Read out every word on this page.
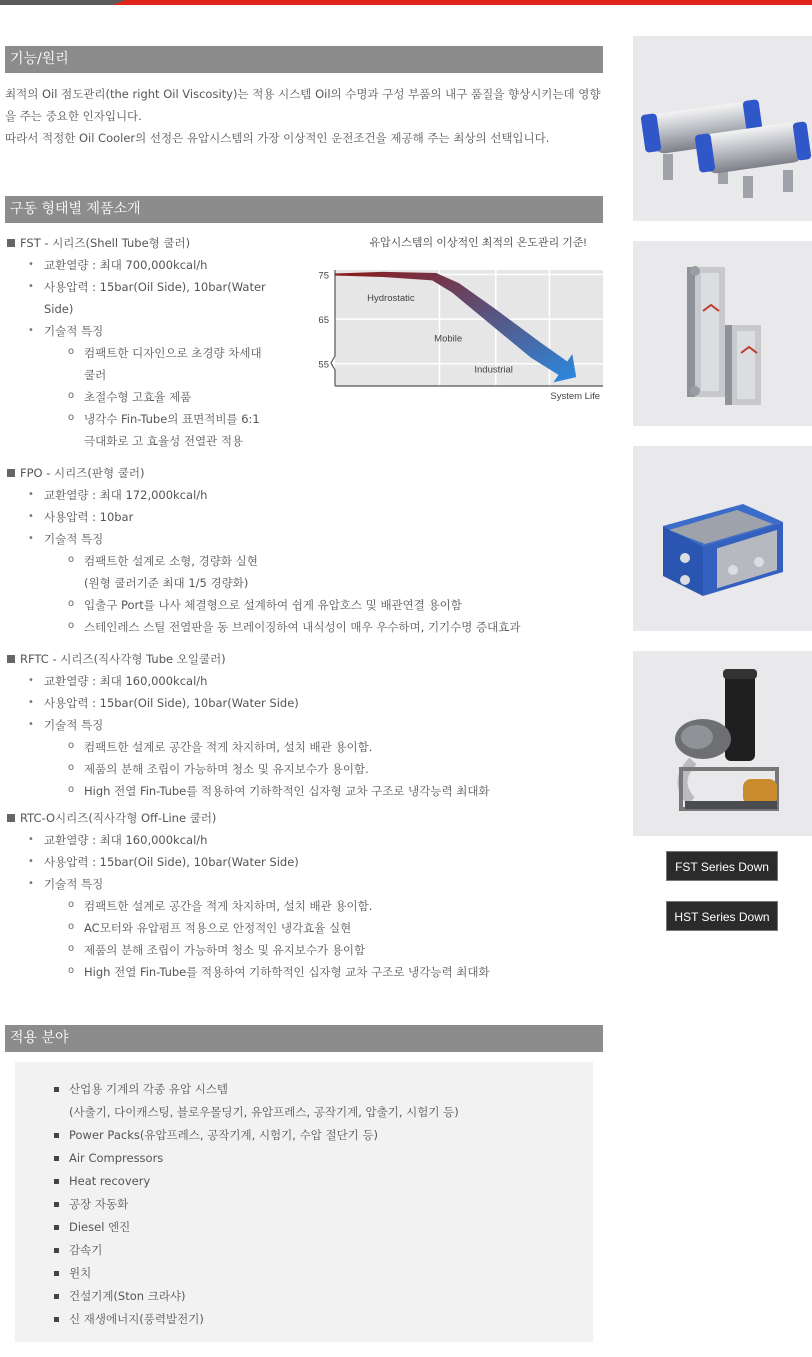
기능/원리
최적의 Oil 점도관리(the right Oil Viscosity)는 적용 시스템 Oil의 수명과 구성 부품의 내구 품질을 향상시키는데 영향
을 주는 중요한 인자입니다.
따라서 적정한 Oil Cooler의 선정은 유압시스템의 가장 이상적인 운전조건을 제공해 주는 최상의 선택입니다.
구동 형태별 제품소개
FST - 시리즈(Shell Tube형 쿨러)
• 교환열량 : 최대 700,000kcal/h
• 사용압력 : 15bar(Oil Side), 10bar(Water
Side)
• 기술적 특징
o 컴팩트한 디자인으로 초경량 차세대
쿨러
o 초절수형 고효율 제품
o 냉각수 Fin-Tube의 표면적비를 6:1
극대화로 고 효율성 전열관 적용
유압시스템의 이상적인 최적의 온도관리 기준!
75
65
55
Hydrostatic
Mobile
Industrial
System Life
FPO - 시리즈(판형 쿨러)
• 교환열량 : 최대 172,000kcal/h
• 사용압력 : 10bar
• 기술적 특징
o 컴팩트한 설계로 소형, 경량화 실현
(원형 쿨러기준 최대 1/5 경량화)
o 입출구 Port를 나사 체결형으로 설계하여 쉽게 유압호스 및 배관연결 용이함
o 스테인레스 스틸 전열판을 동 브레이징하여 내식성이 매우 우수하며, 기기수명 증대효과
RFTC - 시리즈(직사각형 Tube 오일쿨러)
• 교환열량 : 최대 160,000kcal/h
• 사용압력 : 15bar(Oil Side), 10bar(Water Side)
• 기술적 특징
o 컴팩트한 설계로 공간을 적게 차지하며, 설치 배관 용이함.
o 제품의 분해 조립이 가능하며 청소 및 유지보수가 용이함.
o High 전열 Fin-Tube를 적용하여 기하학적인 십자형 교차 구조로 냉각능력 최대화
RTC-O시리즈(직사각형 Off-Line 쿨러)
• 교환열량 : 최대 160,000kcal/h
• 사용압력 : 15bar(Oil Side), 10bar(Water Side)
• 기술적 특징
o 컴팩트한 설계로 공간을 적게 차지하며, 설치 배관 용이함.
o AC모터와 유압펌프 적용으로 안정적인 냉각효율 실현
o 제품의 분해 조립이 가능하며 청소 및 유지보수가 용이함
o High 전열 Fin-Tube를 적용하여 기하학적인 십자형 교차 구조로 냉각능력 최대화
적용 분야
산업용 기계의 각종 유압 시스템
(사출기, 다이캐스팅, 블로우몰딩기, 유압프레스, 공작기계, 압출기, 시험기 등)
Power Packs(유압프레스, 공작기계, 시험기, 수압 절단기 등)
Air Compressors
Heat recovery
공장 자동화
Diesel 엔진
감속기
윈치
건설기계(Ston 크라샤)
신 재생에너지(풍력발전기)
FST Series Down
HST Series Down
